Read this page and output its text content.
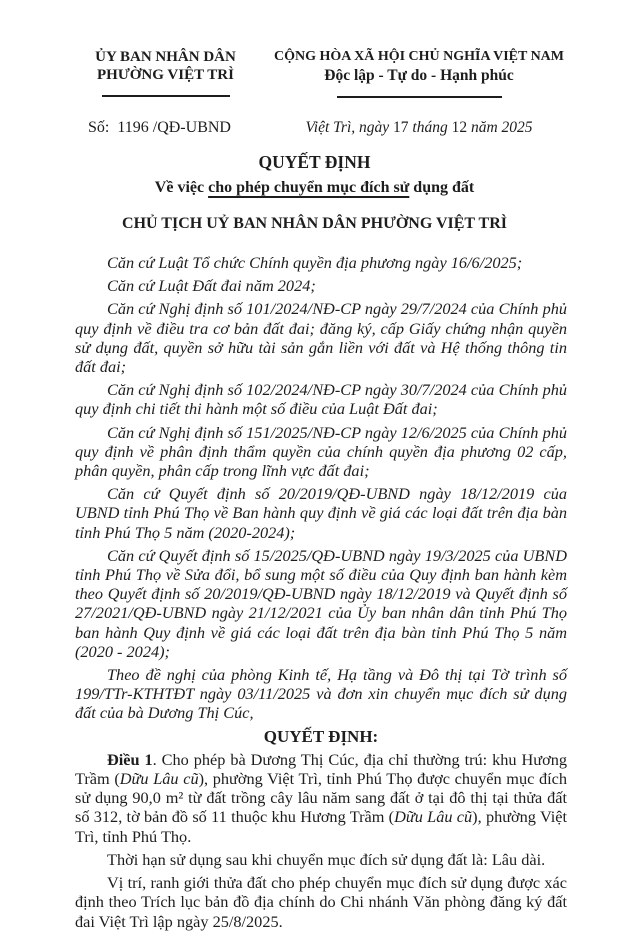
ỦY BAN NHÂN DÂN
PHƯỜNG VIỆT TRÌ
CỘNG HÒA XÃ HỘI CHỦ NGHĨA VIỆT NAM
Độc lập - Tự do - Hạnh phúc
Số:  1196 /QĐ-UBND	Việt Trì, ngày 17 tháng 12 năm 2025
QUYẾT ĐỊNH
Về việc cho phép chuyển mục đích sử dụng đất
CHỦ TỊCH UỶ BAN NHÂN DÂN PHƯỜNG VIỆT TRÌ

Căn cứ Luật Tổ chức Chính quyền địa phương ngày 16/6/2025;

Căn cứ Luật Đất đai năm 2024;

Căn cứ Nghị định số 101/2024/NĐ-CP ngày 29/7/2024 của Chính phủ quy định về điều tra cơ bản đất đai; đăng ký, cấp Giấy chứng nhận quyền sử dụng đất, quyền sở hữu tài sản gắn liền với đất và Hệ thống thông tin đất đai;

Căn cứ Nghị định số 102/2024/NĐ-CP ngày 30/7/2024 của Chính phủ quy định chi tiết thi hành một số điều của Luật Đất đai;

Căn cứ Nghị định số 151/2025/NĐ-CP ngày 12/6/2025 của Chính phủ quy định về phân định thẩm quyền của chính quyền địa phương 02 cấp, phân quyền, phân cấp trong lĩnh vực đất đai;

Căn cứ Quyết định số 20/2019/QĐ-UBND ngày 18/12/2019 của UBND tỉnh Phú Thọ về Ban hành quy định về giá các loại đất trên địa bàn tỉnh Phú Thọ 5 năm (2020-2024);

Căn cứ Quyết định số 15/2025/QĐ-UBND ngày 19/3/2025 của UBND tỉnh Phú Thọ về Sửa đổi, bổ sung một số điều của Quy định ban hành kèm theo Quyết định số 20/2019/QĐ-UBND ngày 18/12/2019 và Quyết định số 27/2021/QĐ-UBND ngày 21/12/2021 của Ủy ban nhân dân tỉnh Phú Thọ ban hành Quy định về giá các loại đất trên địa bàn tỉnh Phú Thọ 5 năm (2020 - 2024);

Theo đề nghị của phòng Kinh tế, Hạ tầng và Đô thị tại Tờ trình số 199/TTr-KTHTĐT ngày 03/11/2025 và đơn xin chuyển mục đích sử dụng đất của bà Dương Thị Cúc,

QUYẾT ĐỊNH:

Điều 1. Cho phép bà Dương Thị Cúc, địa chỉ thường trú: khu Hương Trầm (Dữu Lâu cũ), phường Việt Trì, tỉnh Phú Thọ được chuyển mục đích sử dụng 90,0 m² từ đất trồng cây lâu năm sang đất ở tại đô thị tại thửa đất số 312, tờ bản đồ số 11 thuộc khu Hương Trầm (Dữu Lâu cũ), phường Việt Trì, tỉnh Phú Thọ.

Thời hạn sử dụng sau khi chuyển mục đích sử dụng đất là: Lâu dài.

Vị trí, ranh giới thửa đất cho phép chuyển mục đích sử dụng được xác định theo Trích lục bản đồ địa chính do Chi nhánh Văn phòng đăng ký đất đai Việt Trì lập ngày 25/8/2025.
